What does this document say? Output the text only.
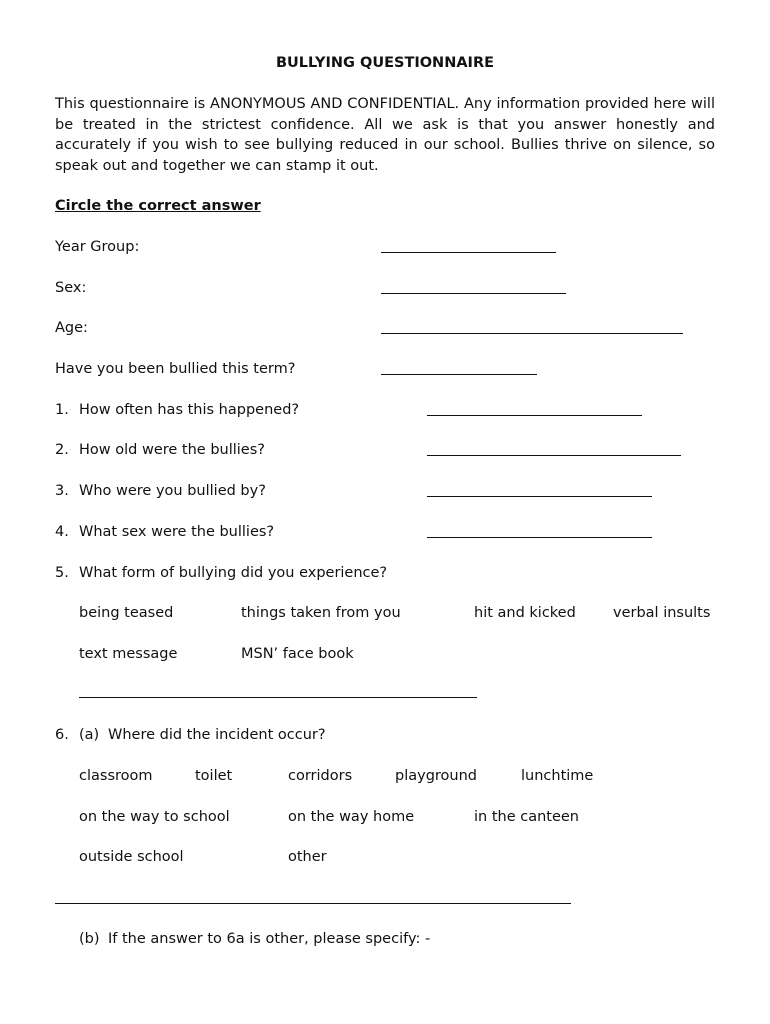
BULLYING QUESTIONNAIRE

This questionnaire is ANONYMOUS AND CONFIDENTIAL. Any information provided here will be treated in the strictest confidence. All we ask is that you answer honestly and accurately if you wish to see bullying reduced in our school. Bullies thrive on silence, so speak out and together we can stamp it out.

Circle the correct answer
Year Group:
Sex:
Age:
Have you been bullied this term?
1. How often has this happened?
2. How old were the bullies?
3. Who were you bullied by?
4. What sex were the bullies?
5. What form of bullying did you experience?
being teased	things taken from you	hit and kicked	verbal insults
text message	MSN’ face book
6. (a) Where did the incident occur?
classroom	toilet	corridors	playground	lunchtime
on the way to school	on the way home	in the canteen
outside school	other
(b) If the answer to 6a is other, please specify: -
